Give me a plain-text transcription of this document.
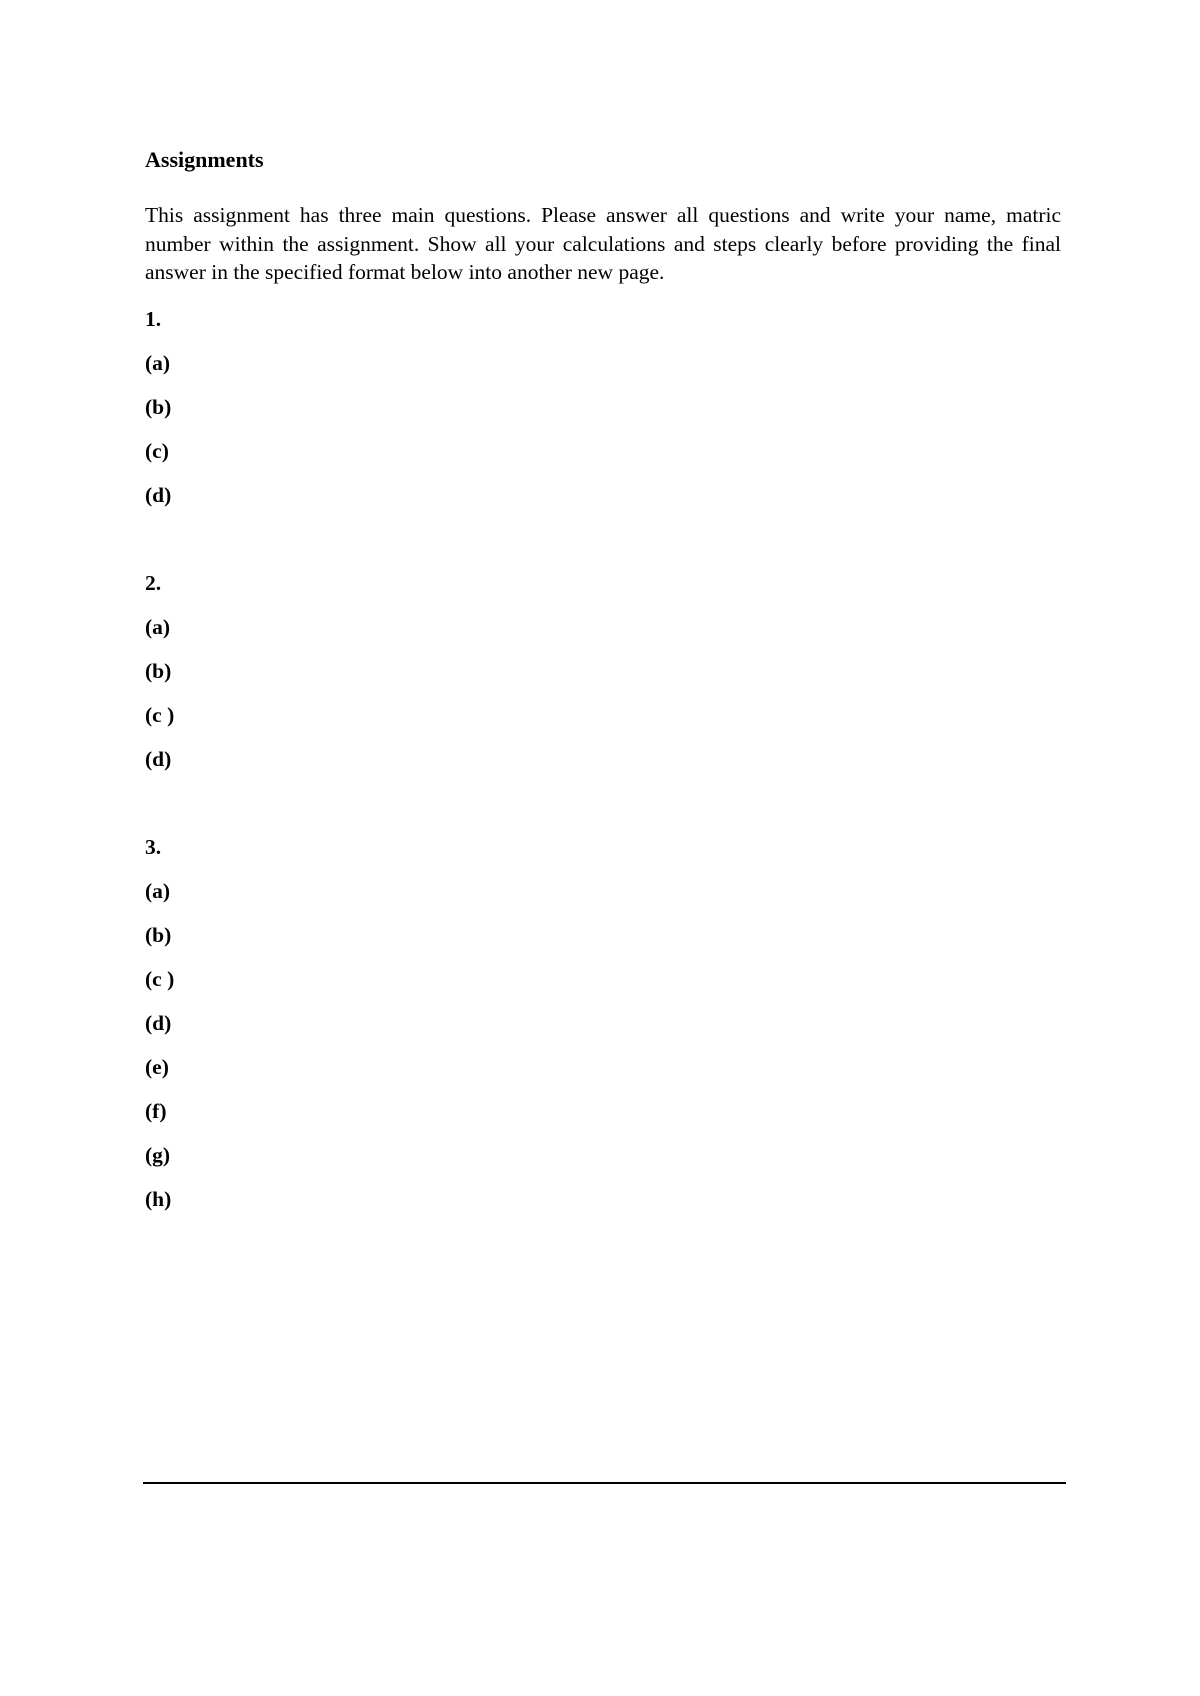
Assignments

This assignment has three main questions. Please answer all questions and write your name, matric number within the assignment. Show all your calculations and steps clearly before providing the final answer in the specified format below into another new page.

1.
(a)
(b)
(c)
(d)
2.
(a)
(b)
(c )
(d)
3.
(a)
(b)
(c )
(d)
(e)
(f)
(g)
(h)
